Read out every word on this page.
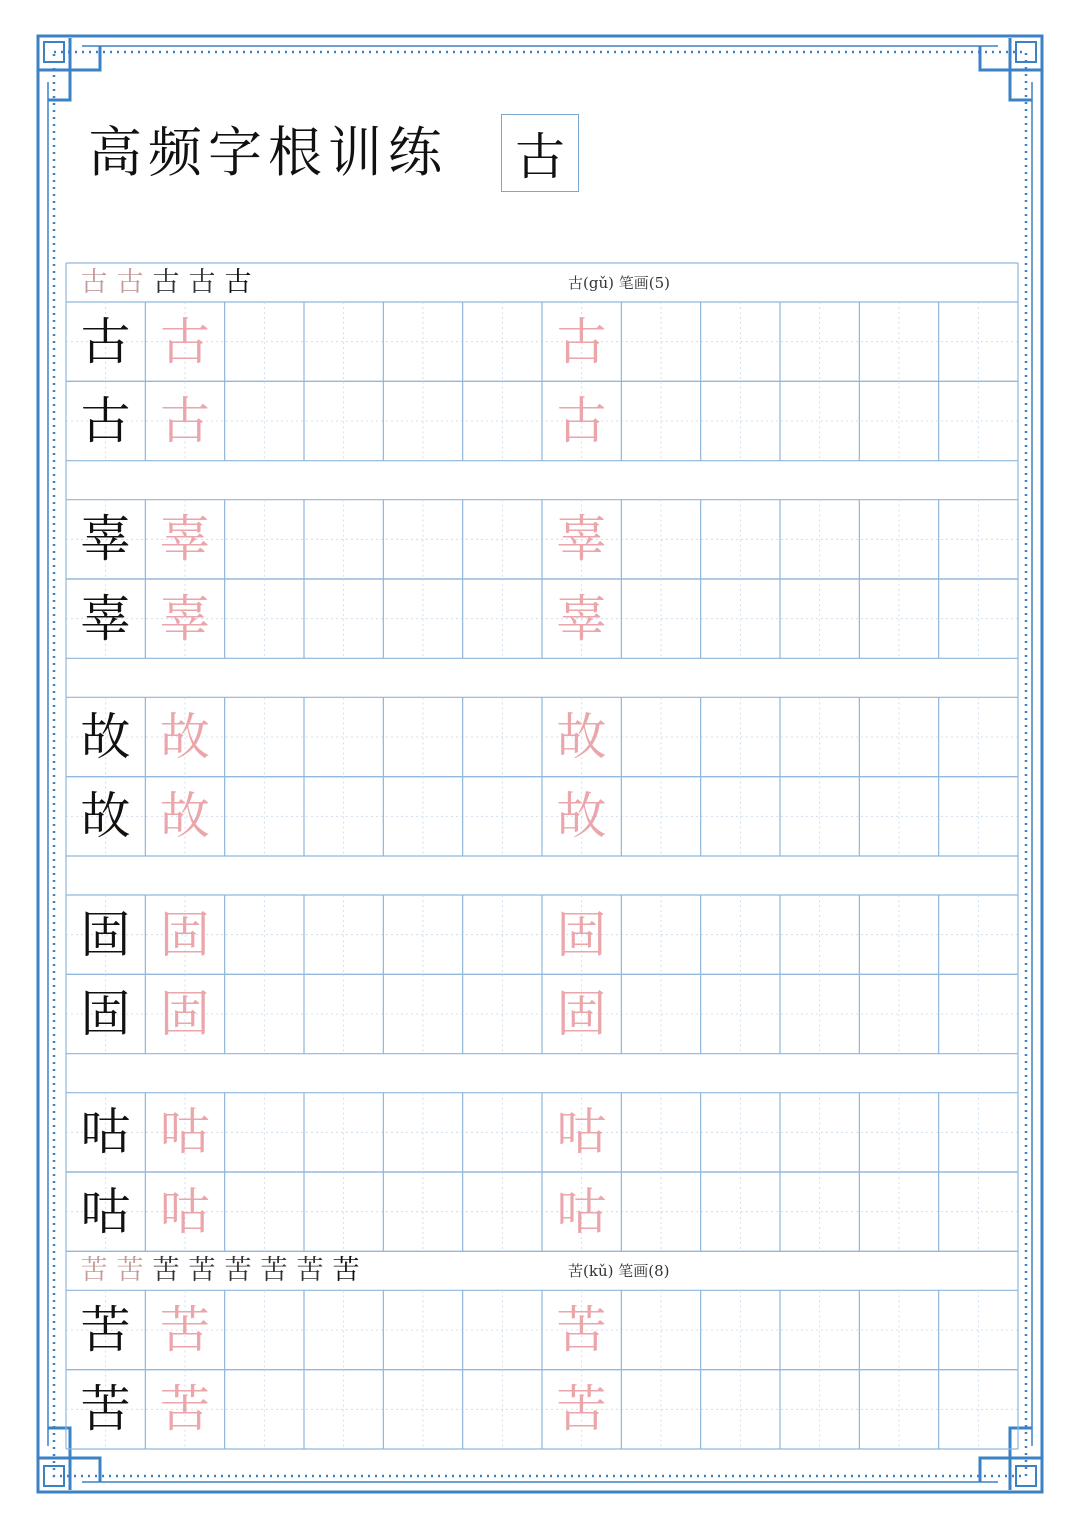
高频字根训练 古
古 古 古 古 古	古(gǔ) 笔画(5)
古 古	古
古 古	古
辜 辜	辜
辜 辜	辜
故 故	故
故 故	故
固 固	固
固 固	固
咕 咕	咕
咕 咕	咕
苦 苦 苦 苦 苦 苦 苦 苦	苦(kǔ) 笔画(8)
苦 苦	苦
苦 苦	苦
